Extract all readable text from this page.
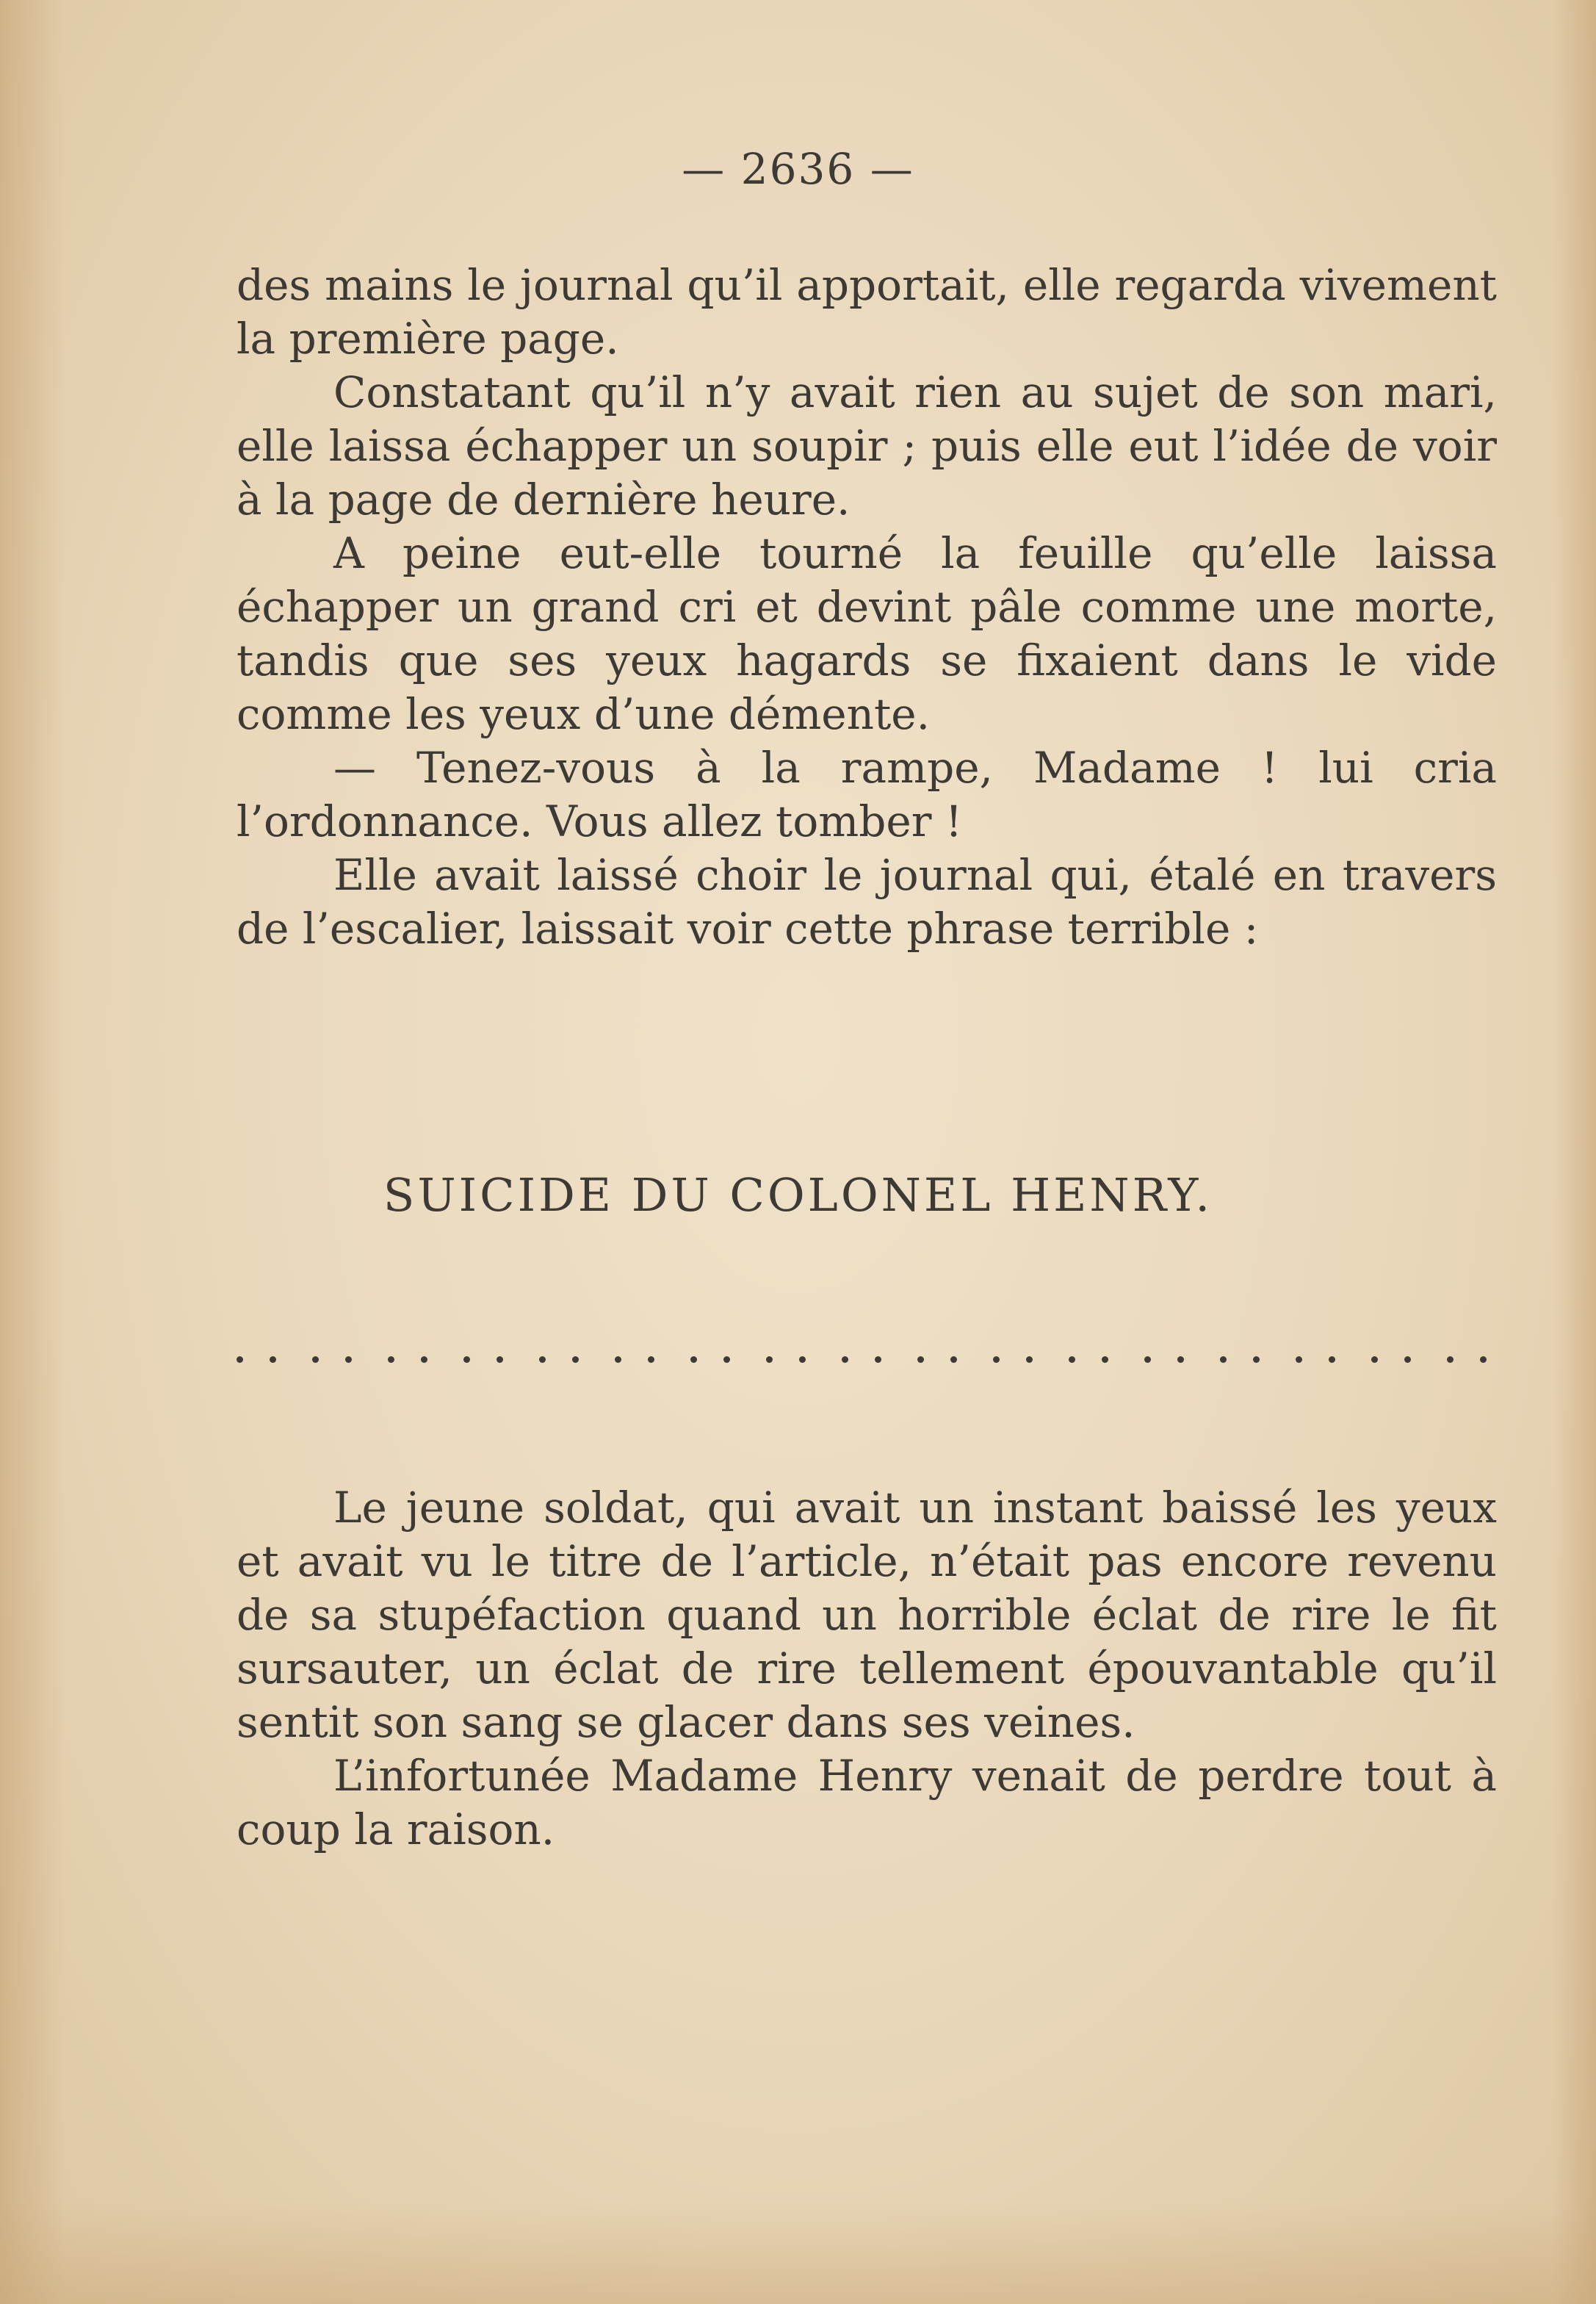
— 2636 —

des mains le journal qu’il apportait, elle regarda vivement la première page.

Constatant qu’il n’y avait rien au sujet de son mari, elle laissa échapper un soupir ; puis elle eut l’idée de voir à la page de dernière heure.

A peine eut-elle tourné la feuille qu’elle laissa échapper un grand cri et devint pâle comme une morte, tandis que ses yeux hagards se fixaient dans le vide comme les yeux d’une démente.

— Tenez-vous à la rampe, Madame ! lui cria l’ordonnance. Vous allez tomber !

Elle avait laissé choir le journal qui, étalé en travers de l’escalier, laissait voir cette phrase terrible :

SUICIDE DU COLONEL HENRY.

Le jeune soldat, qui avait un instant baissé les yeux et avait vu le titre de l’article, n’était pas encore revenu de sa stupéfaction quand un horrible éclat de rire le fit sursauter, un éclat de rire tellement épouvantable qu’il sentit son sang se glacer dans ses veines.

L’infortunée Madame Henry venait de perdre tout à coup la raison.
